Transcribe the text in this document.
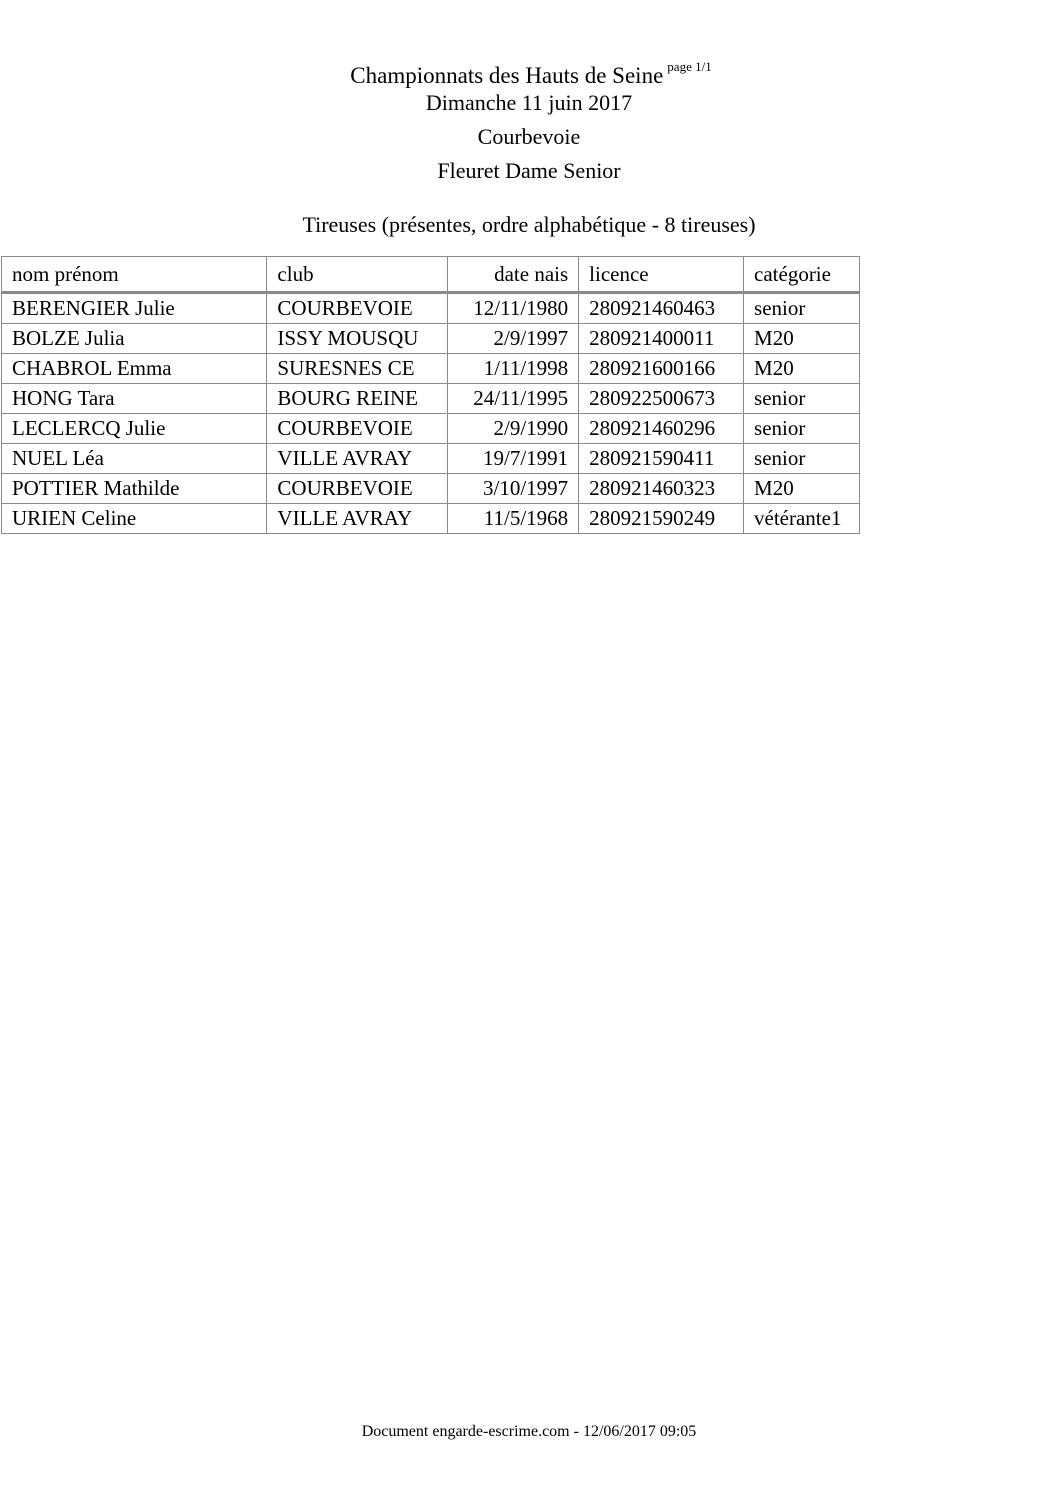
Championnats des Hauts de Seine $^{page 1/1}$
Dimanche 11 juin 2017
Courbevoie
Fleuret Dame Senior
Tireuses (présentes, ordre alphabétique - 8 tireuses)
nom prénom	club	date nais	licence	catégorie
BERENGIER Julie	COURBEVOIE	12/11/1980	280921460463	senior
BOLZE Julia	ISSY MOUSQU	2/9/1997	280921400011	M20
CHABROL Emma	SURESNES CE	1/11/1998	280921600166	M20
HONG Tara	BOURG REINE	24/11/1995	280922500673	senior
LECLERCQ Julie	COURBEVOIE	2/9/1990	280921460296	senior
NUEL Léa	VILLE AVRAY	19/7/1991	280921590411	senior
POTTIER Mathilde	COURBEVOIE	3/10/1997	280921460323	M20
URIEN Celine	VILLE AVRAY	11/5/1968	280921590249	vétérante1
Document engarde-escrime.com - 12/06/2017 09:05
